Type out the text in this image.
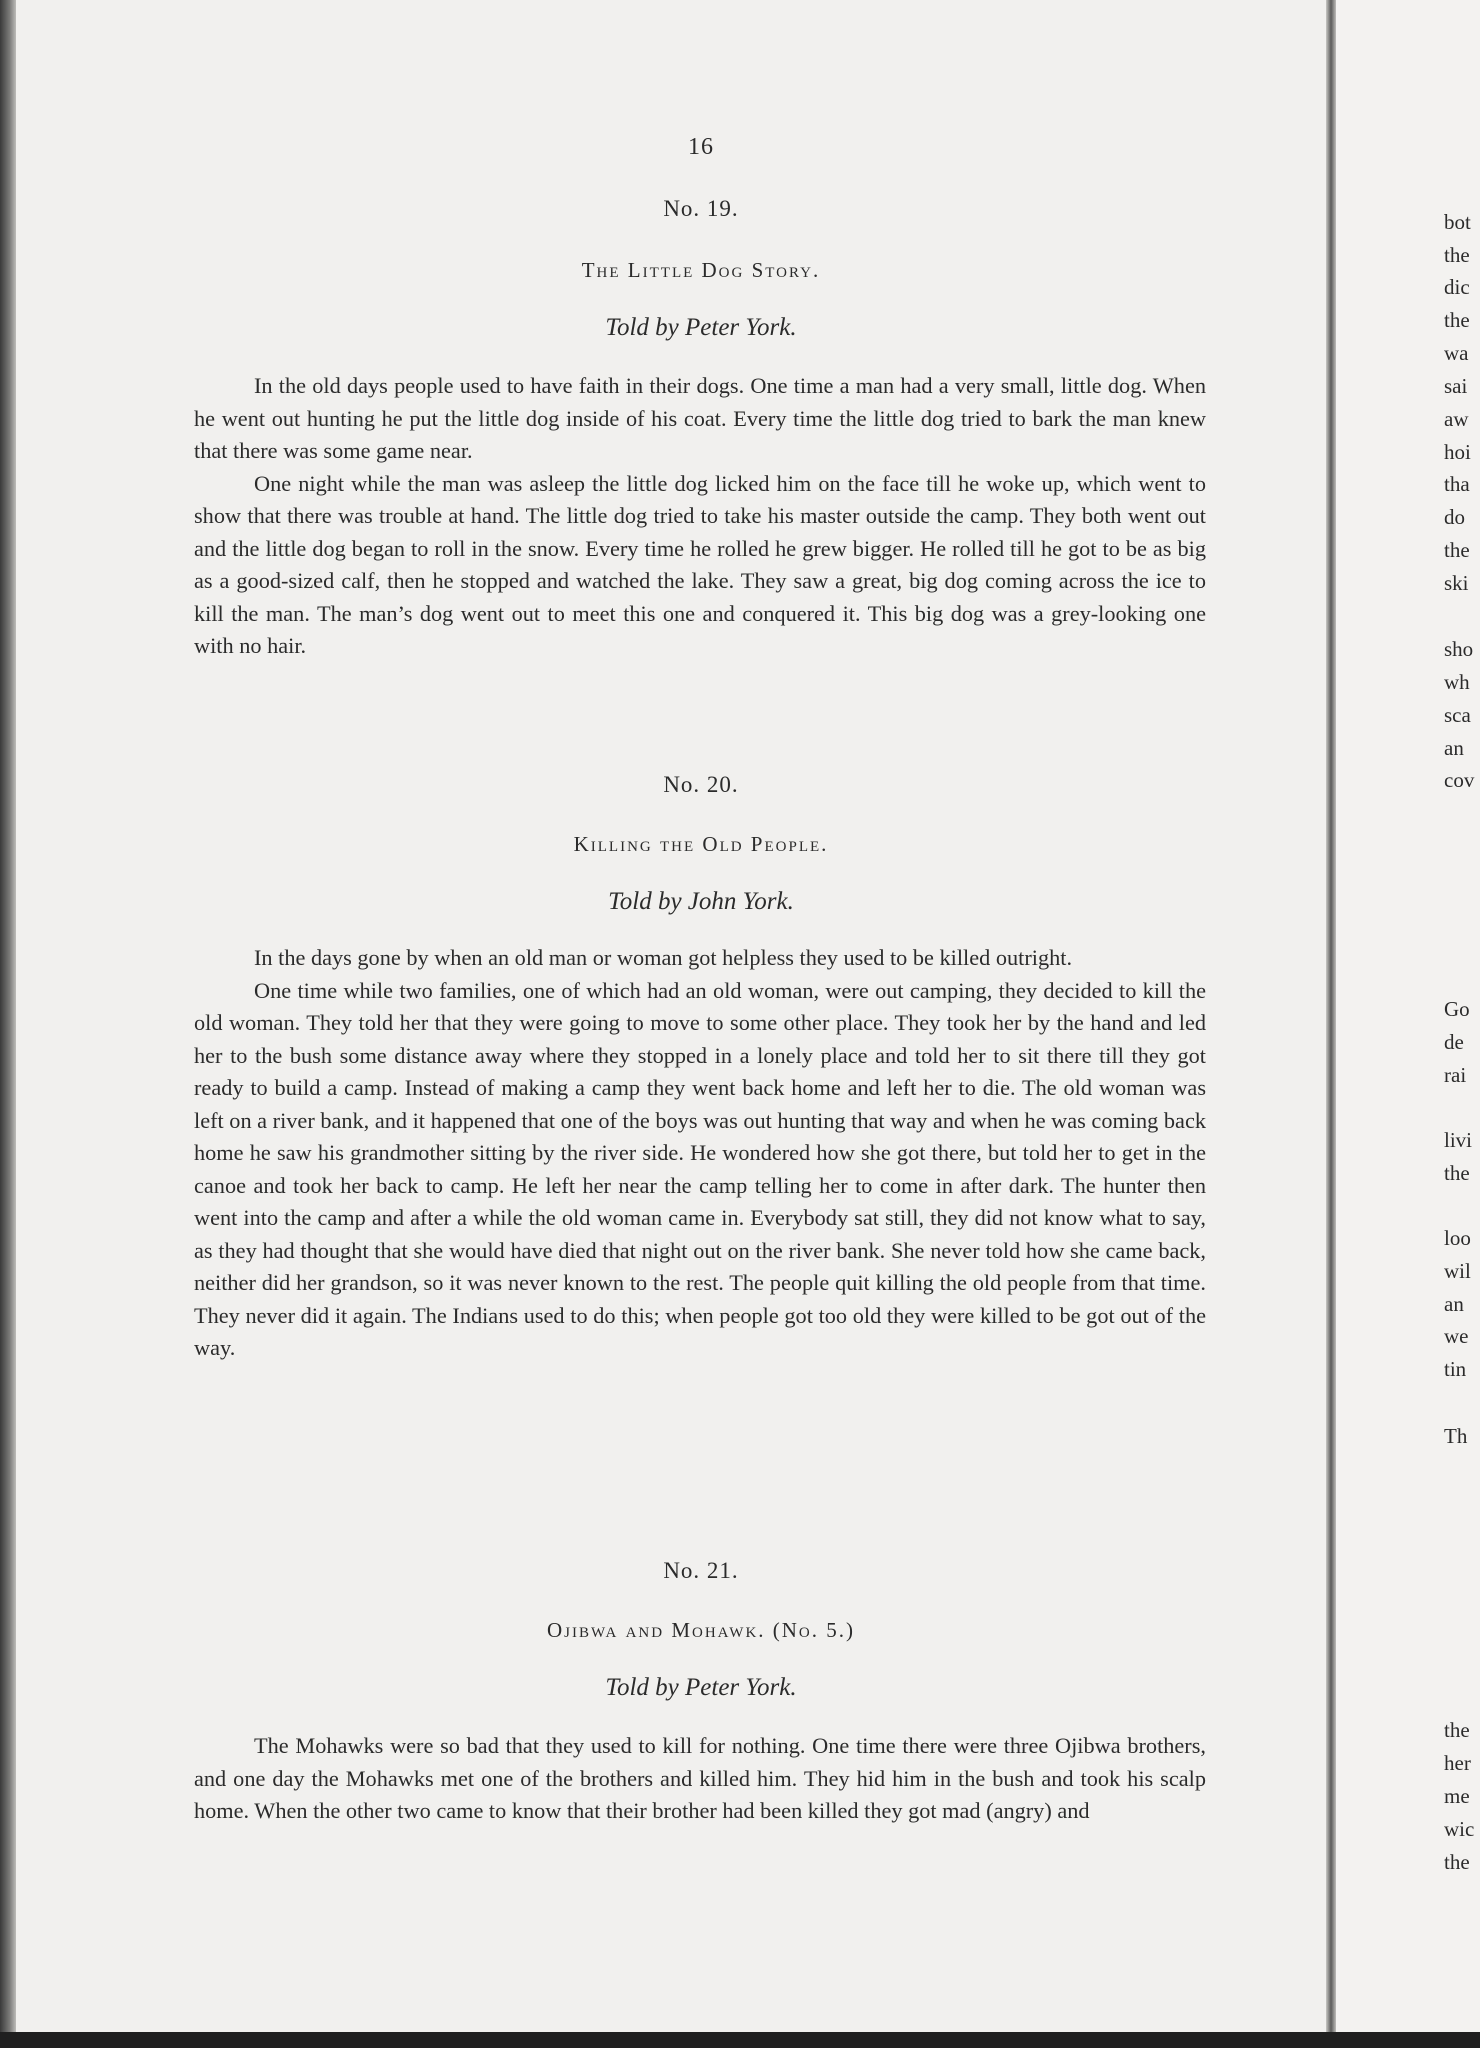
16
No. 19.
The Little Dog Story.
Told by Peter York.

In the old days people used to have faith in their dogs. One time a man had a very small, little dog. When he went out hunting he put the little dog inside of his coat. Every time the little dog tried to bark the man knew that there was some game near.

One night while the man was asleep the little dog licked him on the face till he woke up, which went to show that there was trouble at hand. The little dog tried to take his master outside the camp. They both went out and the little dog began to roll in the snow. Every time he rolled he grew bigger. He rolled till he got to be as big as a good-sized calf, then he stopped and watched the lake. They saw a great, big dog coming across the ice to kill the man. The man’s dog went out to meet this one and conquered it. This big dog was a grey-looking one with no hair.

No. 20.
Killing the Old People.
Told by John York.

In the days gone by when an old man or woman got helpless they used to be killed outright.

One time while two families, one of which had an old woman, were out camping, they decided to kill the old woman. They told her that they were going to move to some other place. They took her by the hand and led her to the bush some distance away where they stopped in a lonely place and told her to sit there till they got ready to build a camp. Instead of making a camp they went back home and left her to die. The old woman was left on a river bank, and it happened that one of the boys was out hunting that way and when he was coming back home he saw his grandmother sitting by the river side. He wondered how she got there, but told her to get in the canoe and took her back to camp. He left her near the camp telling her to come in after dark. The hunter then went into the camp and after a while the old woman came in. Everybody sat still, they did not know what to say, as they had thought that she would have died that night out on the river bank. She never told how she came back, neither did her grandson, so it was never known to the rest. The people quit killing the old people from that time. They never did it again. The Indians used to do this; when people got too old they were killed to be got out of the way.

No. 21.
Ojibwa and Mohawk. (No. 5.)
Told by Peter York.

The Mohawks were so bad that they used to kill for nothing. One time there were three Ojibwa brothers, and one day the Mohawks met one of the brothers and killed him. They hid him in the bush and took his scalp home. When the other two came to know that their brother had been killed they got mad (angry) and

bot
the
dic
the
wa
sai
aw
hoi
tha
do
the
ski
sho
wh
sca
an
cov
Go
de
rai
livi
the
loo
wil
an
we
tin
Th
the
her
me
wic
the
